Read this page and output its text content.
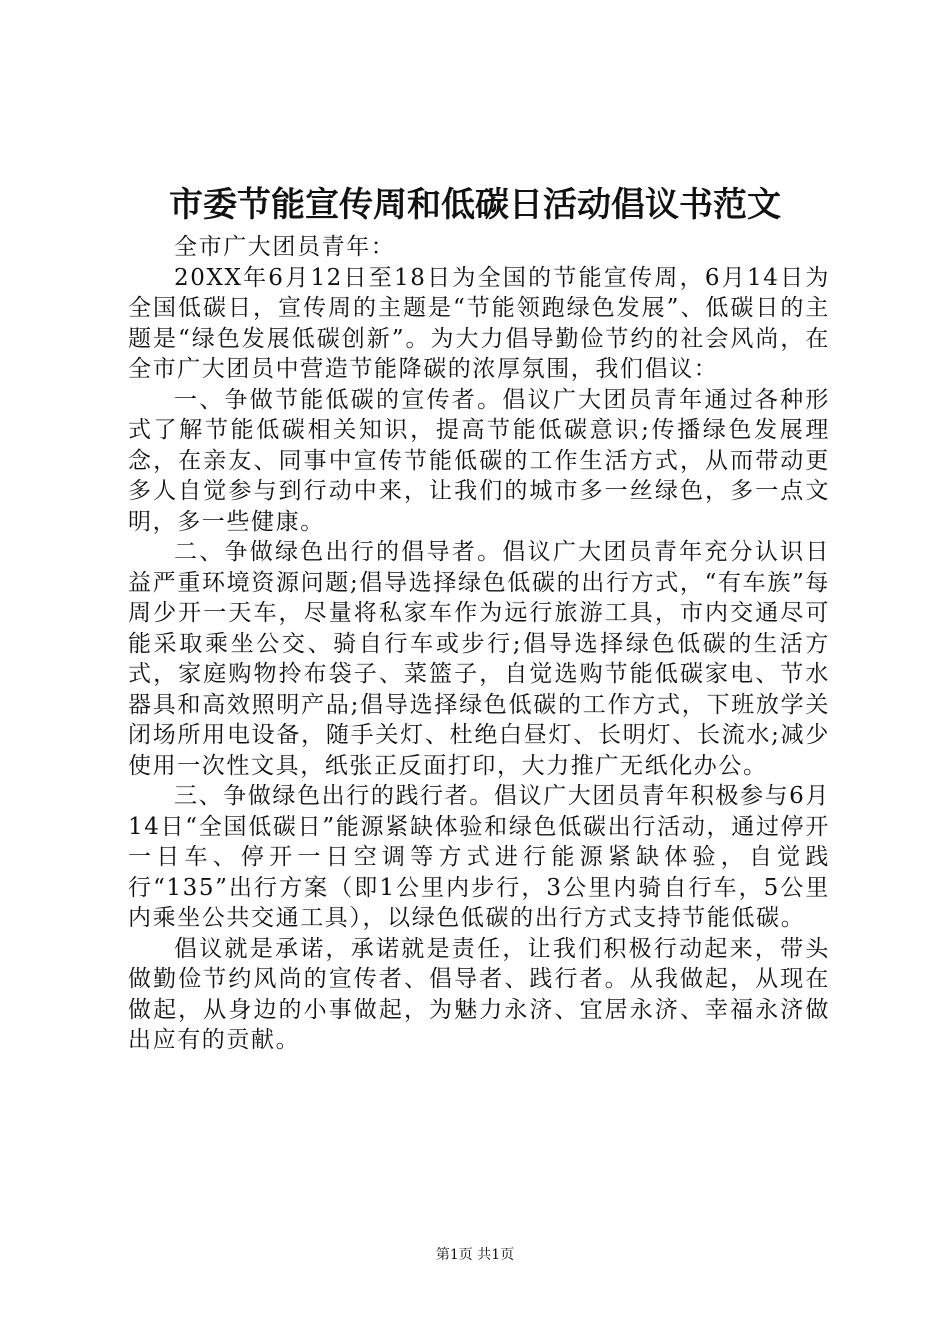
市委节能宣传周和低碳日活动倡议书范文

全市广大团员青年：

20XX年6月12日至18日为全国的节能宣传周，6月14日为全国低碳日，宣传周的主题是“节能领跑绿色发展”、低碳日的主题是“绿色发展低碳创新”。为大力倡导勤俭节约的社会风尚，在全市广大团员中营造节能降碳的浓厚氛围，我们倡议：

一、争做节能低碳的宣传者。倡议广大团员青年通过各种形式了解节能低碳相关知识，提高节能低碳意识;传播绿色发展理念，在亲友、同事中宣传节能低碳的工作生活方式，从而带动更多人自觉参与到行动中来，让我们的城市多一丝绿色，多一点文明，多一些健康。

二、争做绿色出行的倡导者。倡议广大团员青年充分认识日益严重环境资源问题;倡导选择绿色低碳的出行方式，“有车族”每周少开一天车，尽量将私家车作为远行旅游工具，市内交通尽可能采取乘坐公交、骑自行车或步行;倡导选择绿色低碳的生活方式，家庭购物拎布袋子、菜篮子，自觉选购节能低碳家电、节水器具和高效照明产品;倡导选择绿色低碳的工作方式，下班放学关闭场所用电设备，随手关灯、杜绝白昼灯、长明灯、长流水;减少使用一次性文具，纸张正反面打印，大力推广无纸化办公。

三、争做绿色出行的践行者。倡议广大团员青年积极参与6月14日“全国低碳日”能源紧缺体验和绿色低碳出行活动，通过停开一日车、停开一日空调等方式进行能源紧缺体验，自觉践行“135”出行方案（即1公里内步行，3公里内骑自行车，5公里内乘坐公共交通工具），以绿色低碳的出行方式支持节能低碳。

倡议就是承诺，承诺就是责任，让我们积极行动起来，带头做勤俭节约风尚的宣传者、倡导者、践行者。从我做起，从现在做起，从身边的小事做起，为魅力永济、宜居永济、幸福永济做出应有的贡献。

第1页 共1页
